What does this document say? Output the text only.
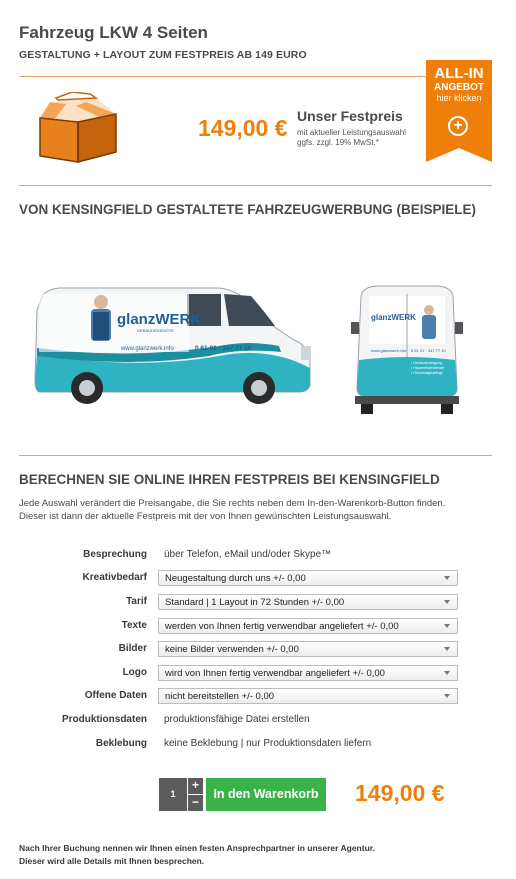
Fahrzeug LKW 4 Seiten
GESTALTUNG + LAYOUT ZUM FESTPREIS AB 149 EURO
149,00 € Unser Festpreis
mit aktueller Leistungsauswahl
ggfs. zzgl. 19% MwSt.*
ALL-IN
ANGEBOT
hier klicken
+
VON KENSINGFIELD GESTALTETE FAHRZEUGWERBUNG (BEISPIELE)
glanzWERK
GEBÄUDEDIENSTE
www.glanzwerk.info	0 61 01 · 347 77 10
glanzWERK
www.glanzwerk.info 0 61 01 · 347 77 10
• Gebäudereinigung
• Hausmeisterdienste
• Grünanlagenpflege
BERECHNEN SIE ONLINE IHREN FESTPREIS BEI KENSINGFIELD
Jede Auswahl verändert die Preisangabe, die Sie rechts neben dem In-den-Warenkorb-Button finden.
Dieser ist dann der aktuelle Festpreis mit der von Ihnen gewünschten Leistungsauswahl.
Besprechung über Telefon, eMail und/oder Skype™
Kreativbedarf	Neugestaltung durch uns +/- 0,00
Tarif	Standard | 1 Layout in 72 Stunden +/- 0,00
Texte	werden von Ihnen fertig verwendbar angeliefert +/- 0,00
Bilder	keine Bilder verwenden +/- 0,00
Logo	wird von Ihnen fertig verwendbar angeliefert +/- 0,00
Offene Daten	nicht bereitstellen +/- 0,00
Produktionsdaten produktionsfähige Datei erstellen
Beklebung keine Beklebung | nur Produktionsdaten liefern
1
+
−
In den Warenkorb	149,00 €
Nach Ihrer Buchung nennen wir Ihnen einen festen Ansprechpartner in unserer Agentur.
Dieser wird alle Details mit Ihnen besprechen.
